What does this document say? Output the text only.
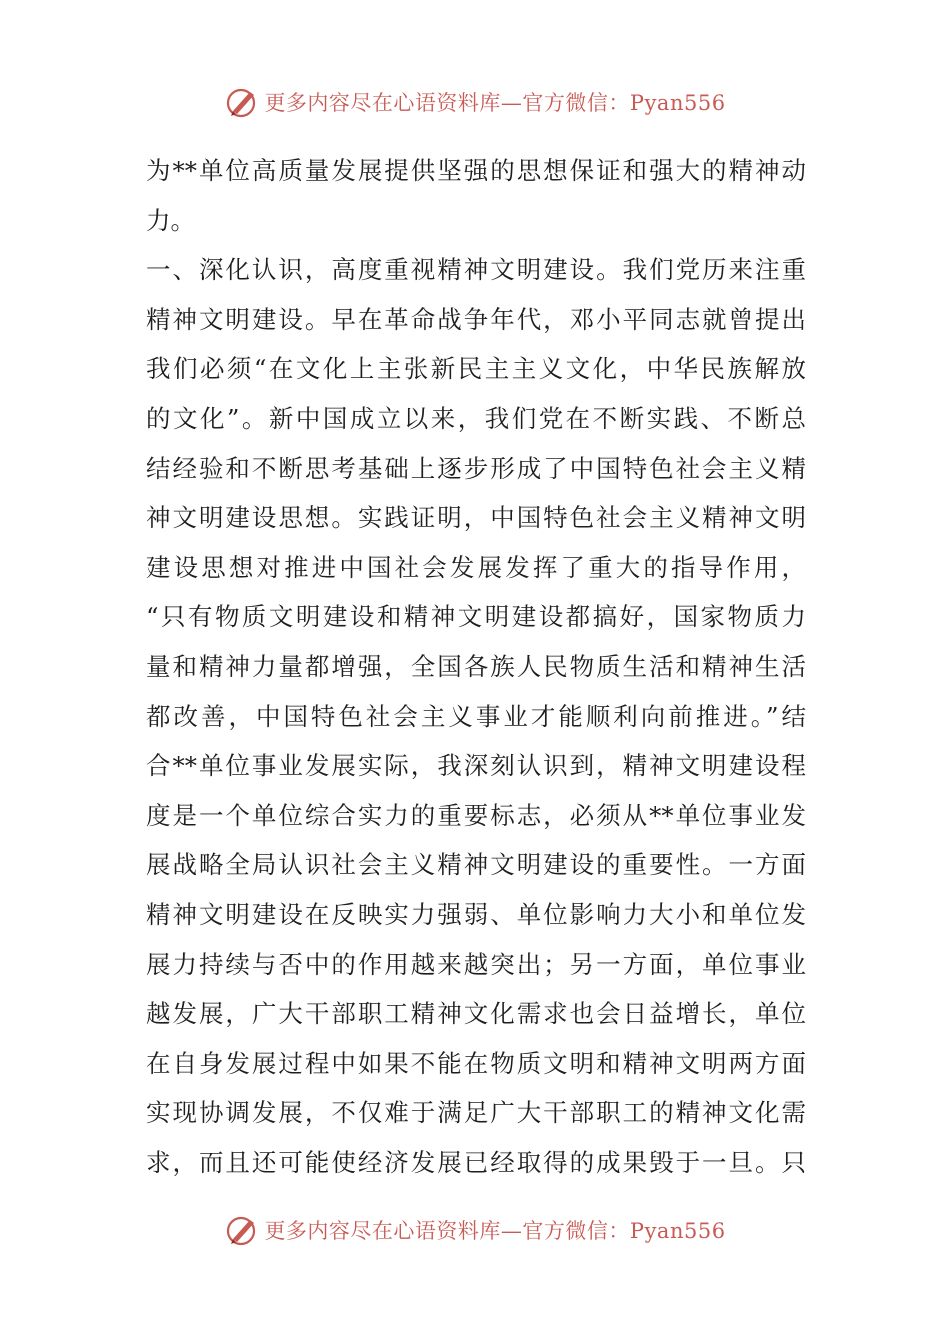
更多内容尽在心语资料库—官方微信：Pyan556
为**单位高质量发展提供坚强的思想保证和强大的精神动
力。
一、深化认识，高度重视精神文明建设。我们党历来注重
精神文明建设。早在革命战争年代，邓小平同志就曾提出
我们必须“在文化上主张新民主主义文化，中华民族解放
的文化”。新中国成立以来，我们党在不断实践、不断总
结经验和不断思考基础上逐步形成了中国特色社会主义精
神文明建设思想。实践证明，中国特色社会主义精神文明
建设思想对推进中国社会发展发挥了重大的指导作用，
“只有物质文明建设和精神文明建设都搞好，国家物质力
量和精神力量都增强，全国各族人民物质生活和精神生活
都改善，中国特色社会主义事业才能顺利向前推进。”结
合**单位事业发展实际，我深刻认识到，精神文明建设程
度是一个单位综合实力的重要标志，必须从**单位事业发
展战略全局认识社会主义精神文明建设的重要性。一方面
精神文明建设在反映实力强弱、单位影响力大小和单位发
展力持续与否中的作用越来越突出；另一方面，单位事业
越发展，广大干部职工精神文化需求也会日益增长，单位
在自身发展过程中如果不能在物质文明和精神文明两方面
实现协调发展，不仅难于满足广大干部职工的精神文化需
求，而且还可能使经济发展已经取得的成果毁于一旦。只
更多内容尽在心语资料库—官方微信：Pyan556
